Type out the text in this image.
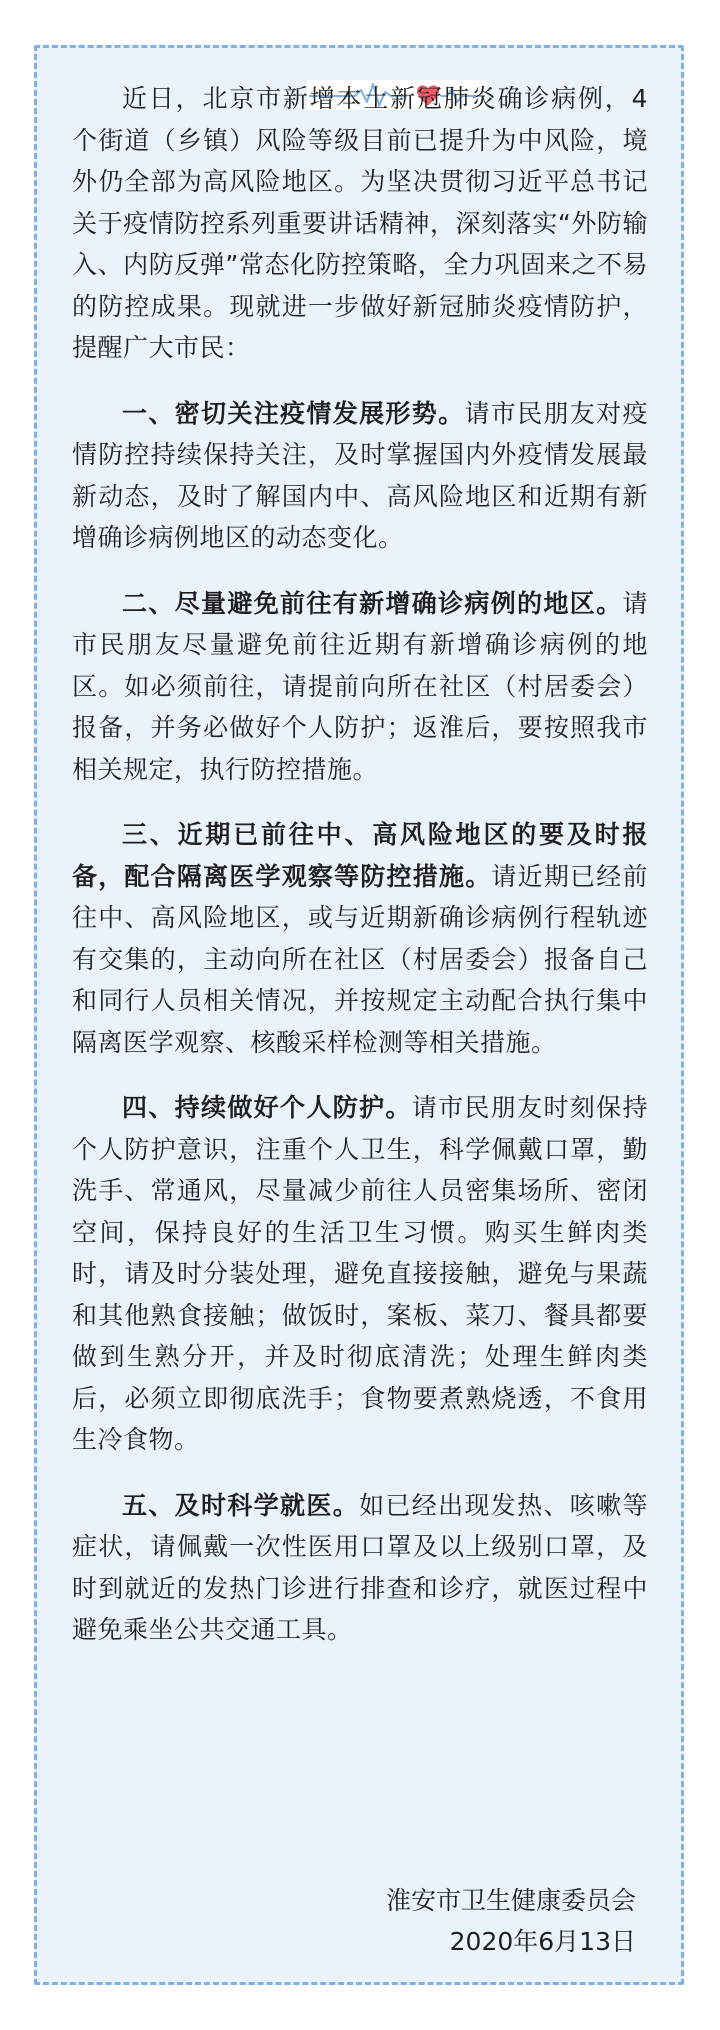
近日，北京市新增本土新冠肺炎确诊病例，4个街道（乡镇）风险等级目前已提升为中风险，境外仍全部为高风险地区。为坚决贯彻习近平总书记关于疫情防控系列重要讲话精神，深刻落实“外防输入、内防反弹”常态化防控策略，全力巩固来之不易的防控成果。现就进一步做好新冠肺炎疫情防护，提醒广大市民：

一、密切关注疫情发展形势。请市民朋友对疫情防控持续保持关注，及时掌握国内外疫情发展最新动态，及时了解国内中、高风险地区和近期有新增确诊病例地区的动态变化。

二、尽量避免前往有新增确诊病例的地区。请市民朋友尽量避免前往近期有新增确诊病例的地区。如必须前往，请提前向所在社区（村居委会）报备，并务必做好个人防护；返淮后，要按照我市相关规定，执行防控措施。

三、近期已前往中、高风险地区的要及时报备，配合隔离医学观察等防控措施。请近期已经前往中、高风险地区，或与近期新确诊病例行程轨迹有交集的，主动向所在社区（村居委会）报备自己和同行人员相关情况，并按规定主动配合执行集中隔离医学观察、核酸采样检测等相关措施。

四、持续做好个人防护。请市民朋友时刻保持个人防护意识，注重个人卫生，科学佩戴口罩，勤洗手、常通风，尽量减少前往人员密集场所、密闭空间，保持良好的生活卫生习惯。购买生鲜肉类时，请及时分装处理，避免直接接触，避免与果蔬和其他熟食接触；做饭时，案板、菜刀、餐具都要做到生熟分开，并及时彻底清洗；处理生鲜肉类后，必须立即彻底洗手；食物要煮熟烧透，不食用生冷食物。

五、及时科学就医。如已经出现发热、咳嗽等症状，请佩戴一次性医用口罩及以上级别口罩，及时到就近的发热门诊进行排查和诊疗，就医过程中避免乘坐公共交通工具。

淮安市卫生健康委员会
2020年6月13日
